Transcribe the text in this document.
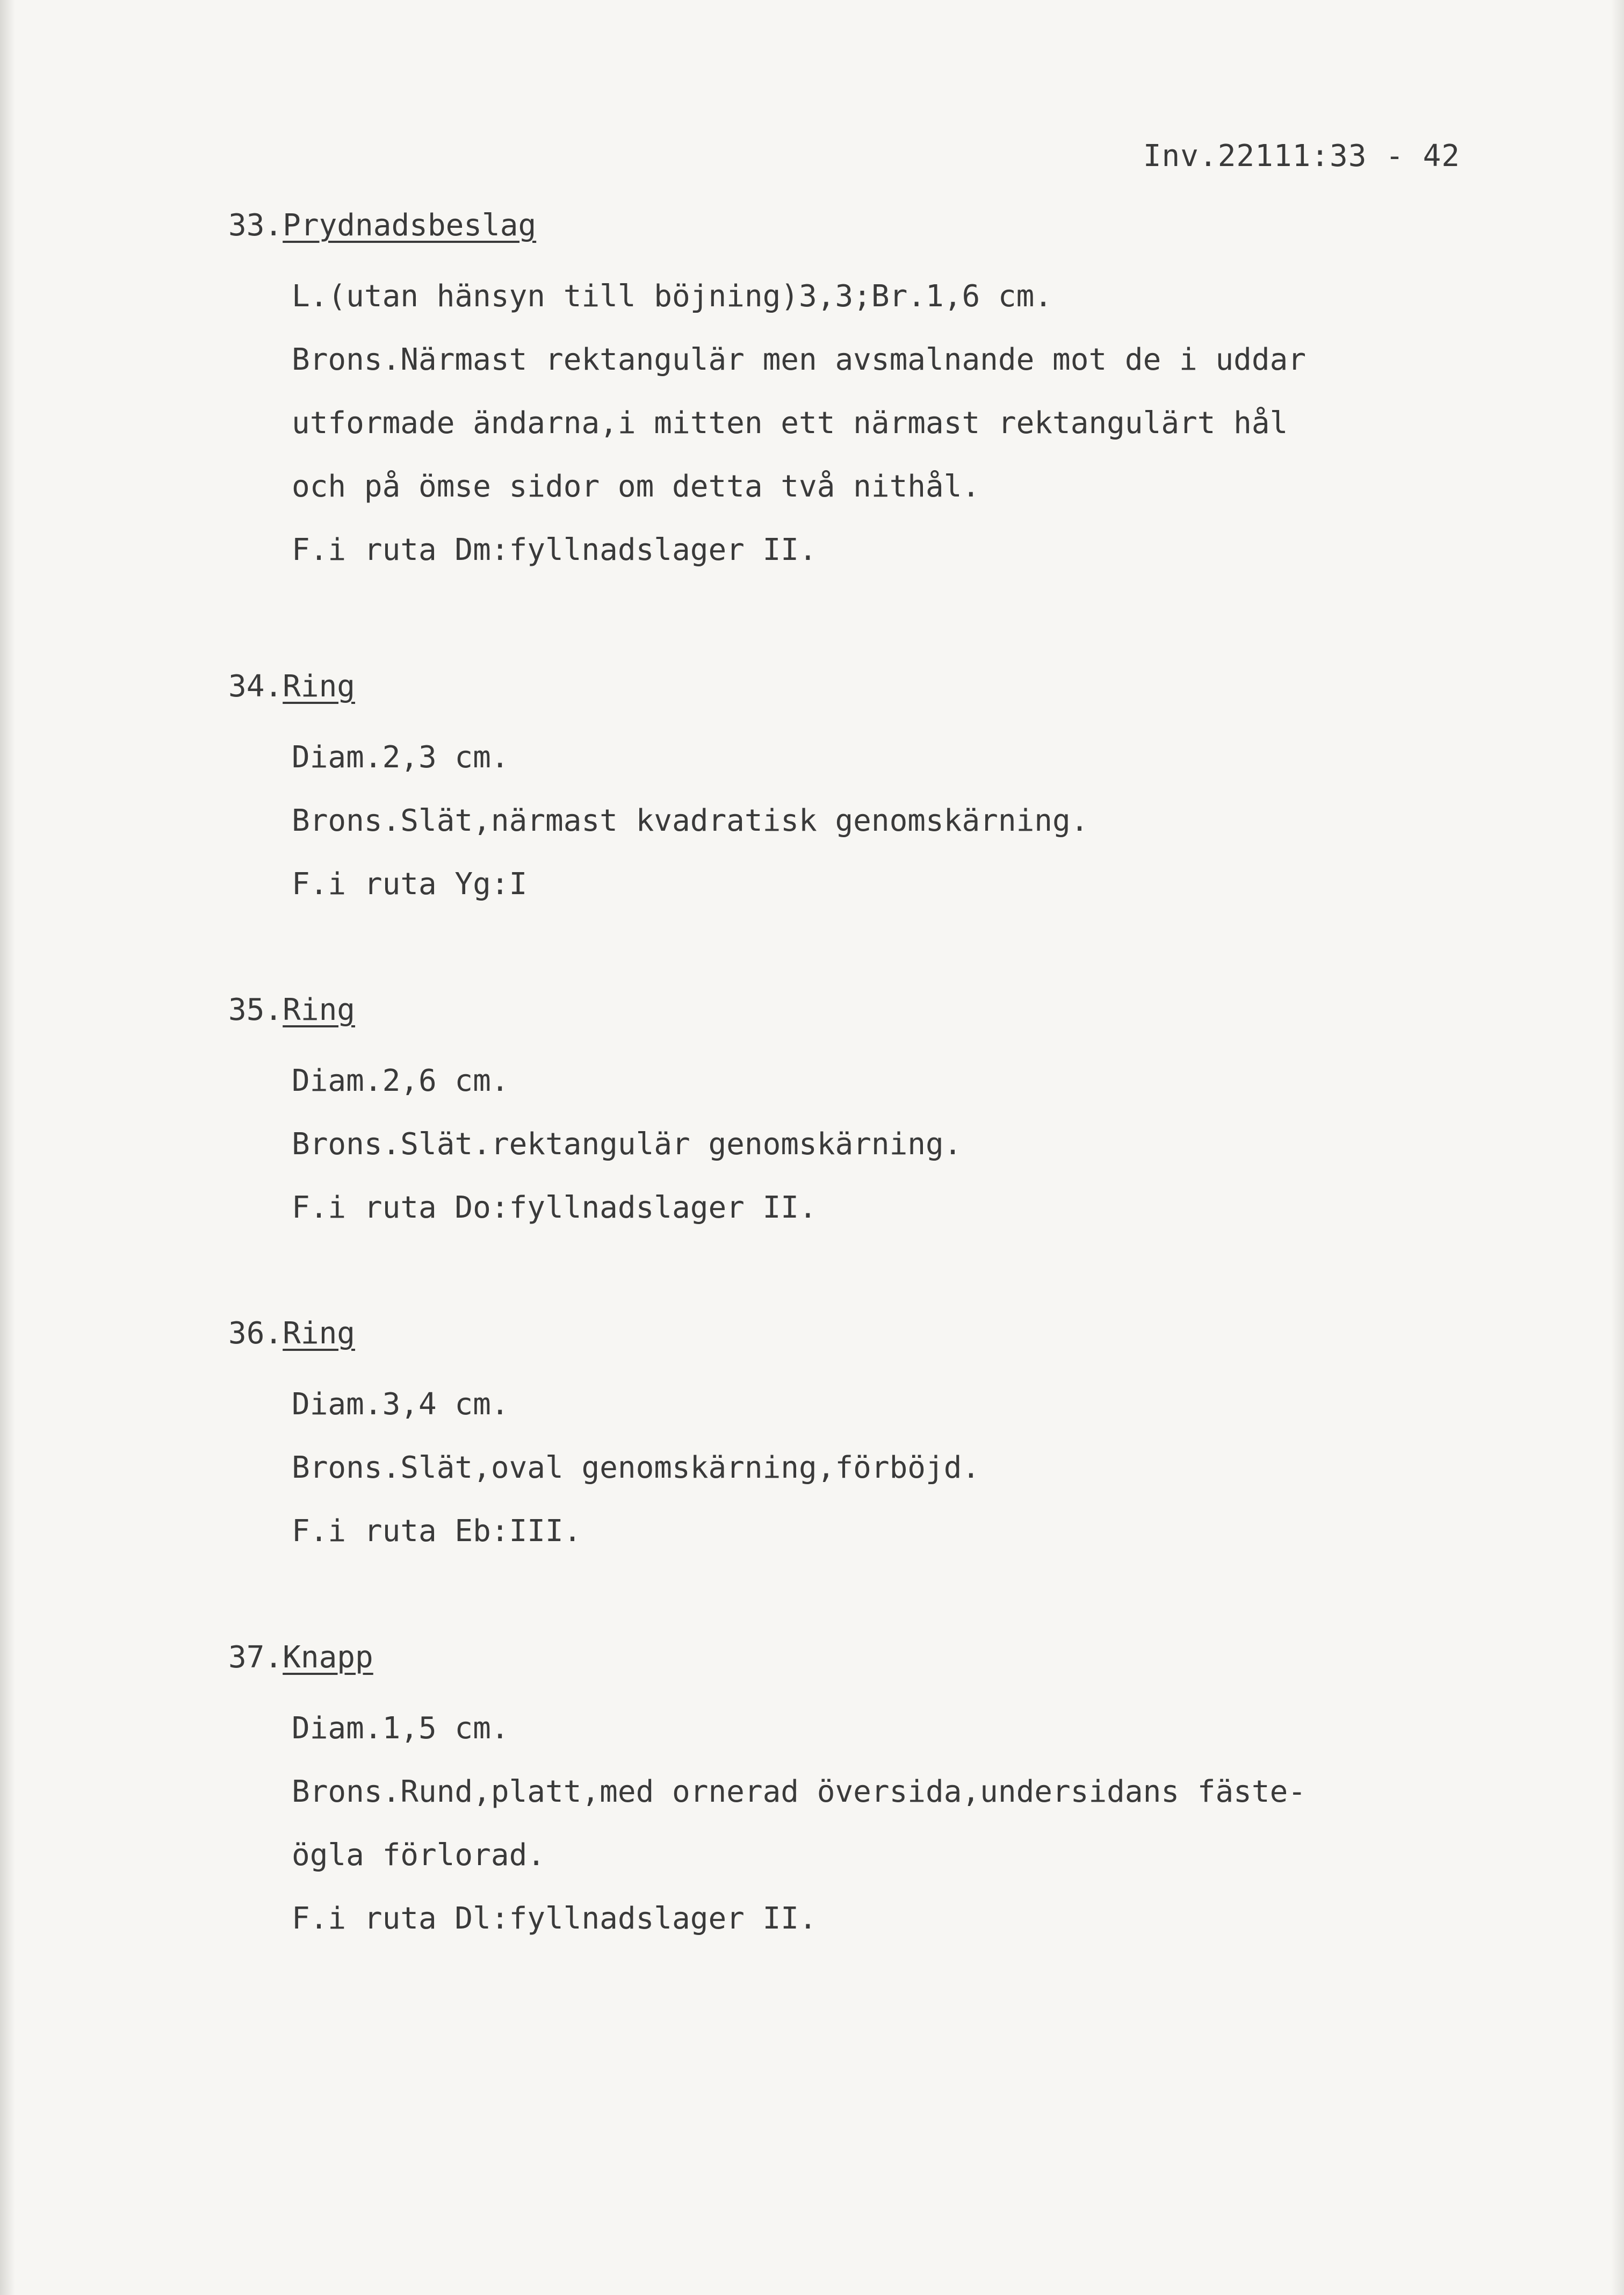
Inv.22111:33 - 42
33.Prydnadsbeslag
L.(utan hänsyn till böjning)3,3;Br.1,6 cm.
Brons.Närmast rektangulär men avsmalnande mot de i uddar
utformade ändarna,i mitten ett närmast rektangulärt hål
och på ömse sidor om detta två nithål.
F.i ruta Dm:fyllnadslager II.
34.Ring
Diam.2,3 cm.
Brons.Slät,närmast kvadratisk genomskärning.
F.i ruta Yg:I
35.Ring
Diam.2,6 cm.
Brons.Slät.rektangulär genomskärning.
F.i ruta Do:fyllnadslager II.
36.Ring
Diam.3,4 cm.
Brons.Slät,oval genomskärning,förböjd.
F.i ruta Eb:III.
37.Knapp
Diam.1,5 cm.
Brons.Rund,platt,med ornerad översida,undersidans fäste-
ögla förlorad.
F.i ruta Dl:fyllnadslager II.
